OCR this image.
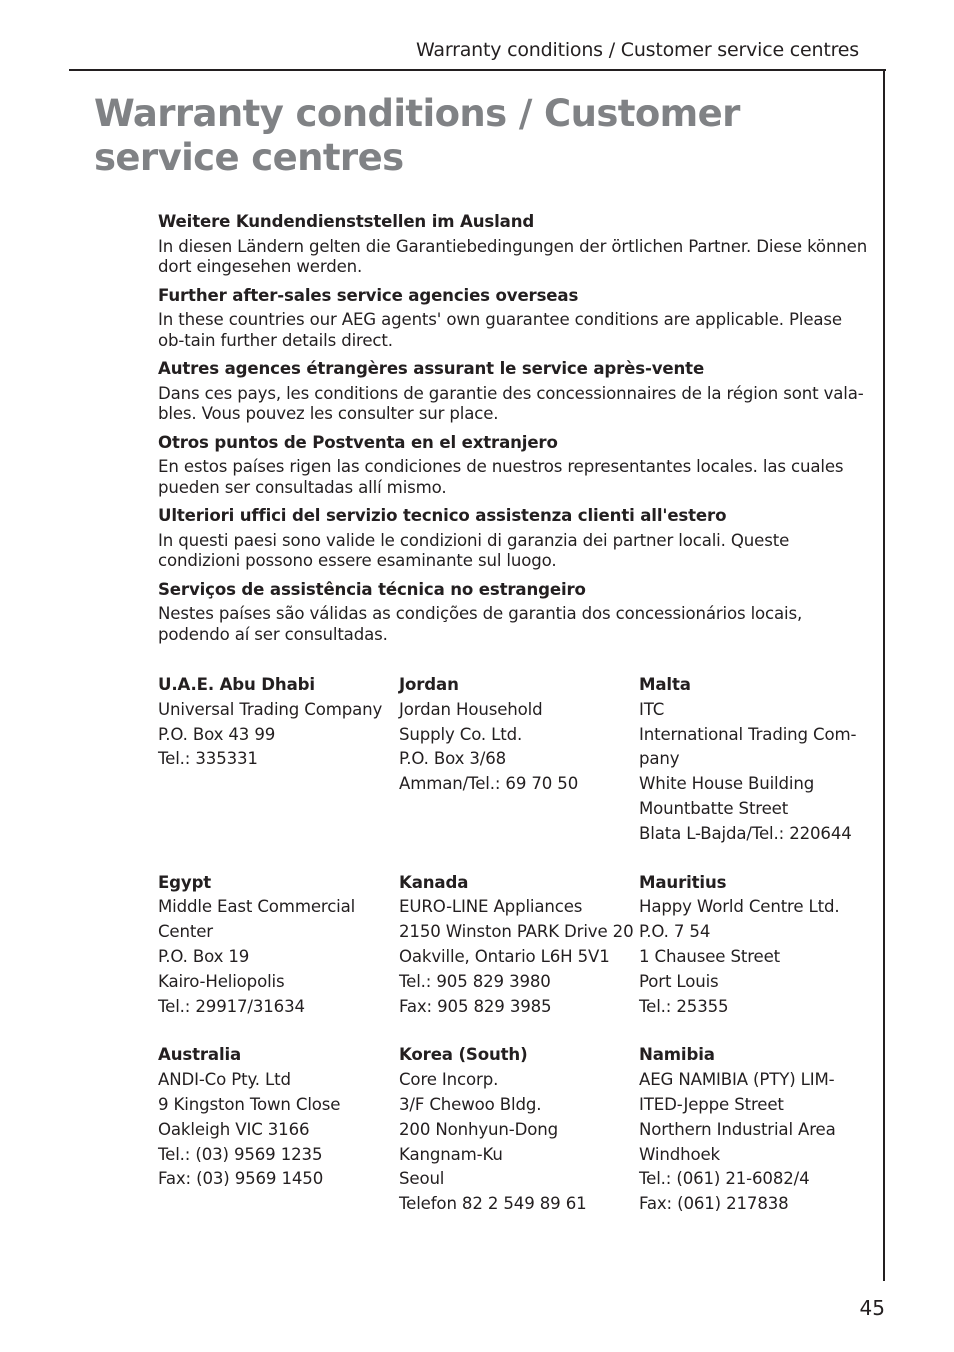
Warranty conditions / Customer service centres
Warranty conditions / Customer service centres

Weitere Kundendienststellen im Ausland

In diesen Ländern gelten die Garantiebedingungen der örtlichen Partner. Diese können dort eingesehen werden.

Further after-sales service agencies overseas

In these countries our AEG agents' own guarantee conditions are applicable. Please ob-tain further details direct.

Autres agences étrangères assurant le service après-vente

Dans ces pays, les conditions de garantie des concessionnaires de la région sont vala-bles. Vous pouvez les consulter sur place.

Otros puntos de Postventa en el extranjero

En estos países rigen las condiciones de nuestros representantes locales. las cuales pueden ser consultadas allí mismo.

Ulteriori uffici del servizio tecnico assistenza clienti all'estero

In questi paesi sono valide le condizioni di garanzia dei partner locali. Queste condizioni possono essere esaminante sul luogo.

Serviços de assistência técnica no estrangeiro

Nestes países são válidas as condições de garantia dos concessionários locais, podendo aí ser consultadas.

U.A.E. Abu Dhabi
Universal Trading Company
P.O. Box 43 99
Tel.: 335331
Jordan
Jordan Household
Supply Co. Ltd.
P.O. Box 3/68
Amman/Tel.: 69 70 50
Malta
ITC
International Trading Com-
pany
White House Building
Mountbatte Street
Blata L-Bajda/Tel.: 220644
Egypt
Middle East Commercial
Center
P.O. Box 19
Kairo-Heliopolis
Tel.: 29917/31634
Kanada
EURO-LINE Appliances
2150 Winston PARK Drive 20
Oakville, Ontario L6H 5V1
Tel.: 905 829 3980
Fax: 905 829 3985
Mauritius
Happy World Centre Ltd.
P.O. 7 54
1 Chausee Street
Port Louis
Tel.: 25355
Australia
ANDI-Co Pty. Ltd
9 Kingston Town Close
Oakleigh VIC 3166
Tel.: (03) 9569 1235
Fax: (03) 9569 1450
Korea (South)
Core Incorp.
3/F Chewoo Bldg.
200 Nonhyun-Dong
Kangnam-Ku
Seoul
Telefon 82 2 549 89 61
Namibia
AEG NAMIBIA (PTY) LIM-
ITED-Jeppe Street
Northern Industrial Area
Windhoek
Tel.: (061) 21-6082/4
Fax: (061) 217838
45
